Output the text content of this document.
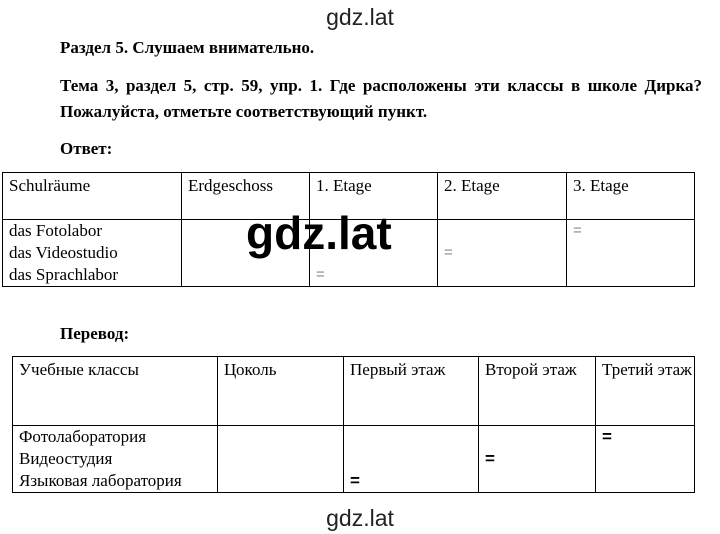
gdz.lat
Раздел 5. Слушаем внимательно.
Тема 3, раздел 5, стр. 59, упр. 1. Где расположены эти классы в школе Дирка? Пожалуйста, отметьте соответствующий пункт.
Ответ:
Schulräume	Erdgeschoss	1. Etage	2. Etage	3. Etage

das Fotolabor
das Videostudio
das Sprachlabor		=	=	=
gdz.lat
Перевод:
Учебные классы	Цоколь	Первый этаж	Второй этаж	Третий этаж

Фотолаборатория
Видеостудия
Языковая лаборатория		=	=	=
gdz.lat
